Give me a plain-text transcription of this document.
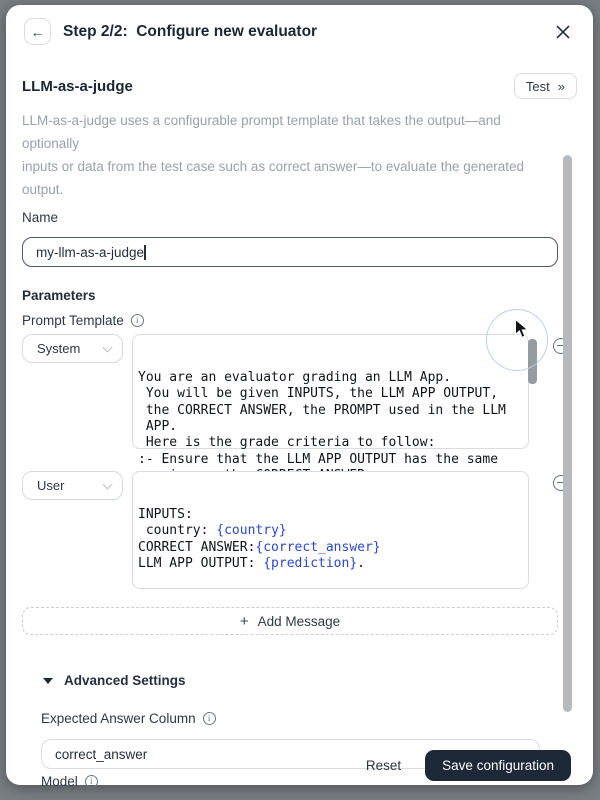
← Step 2/2:  Configure new evaluator
LLM-as-a-judge	Test »
LLM-as-a-judge uses a configurable prompt template that takes the output—and optionally
inputs or data from the test case such as correct answer—to evaluate the generated output.
Name
my-llm-as-a-judge
Parameters
Prompt Template	i
System

You are an evaluator grading an LLM App.
You will be given INPUTS, the LLM APP OUTPUT,
the CORRECT ANSWER, the PROMPT used in the LLM
APP.
Here is the grade criteria to follow:
:- Ensure that the LLM APP OUTPUT has the same
User

INPUTS:
country: {country}
CORRECT ANSWER:{correct_answer}
LLM APP OUTPUT: {prediction}.
+ Add Message
Advanced Settings
Expected Answer Column	i
correct_answer
Model	i
Reset	Save configuration
